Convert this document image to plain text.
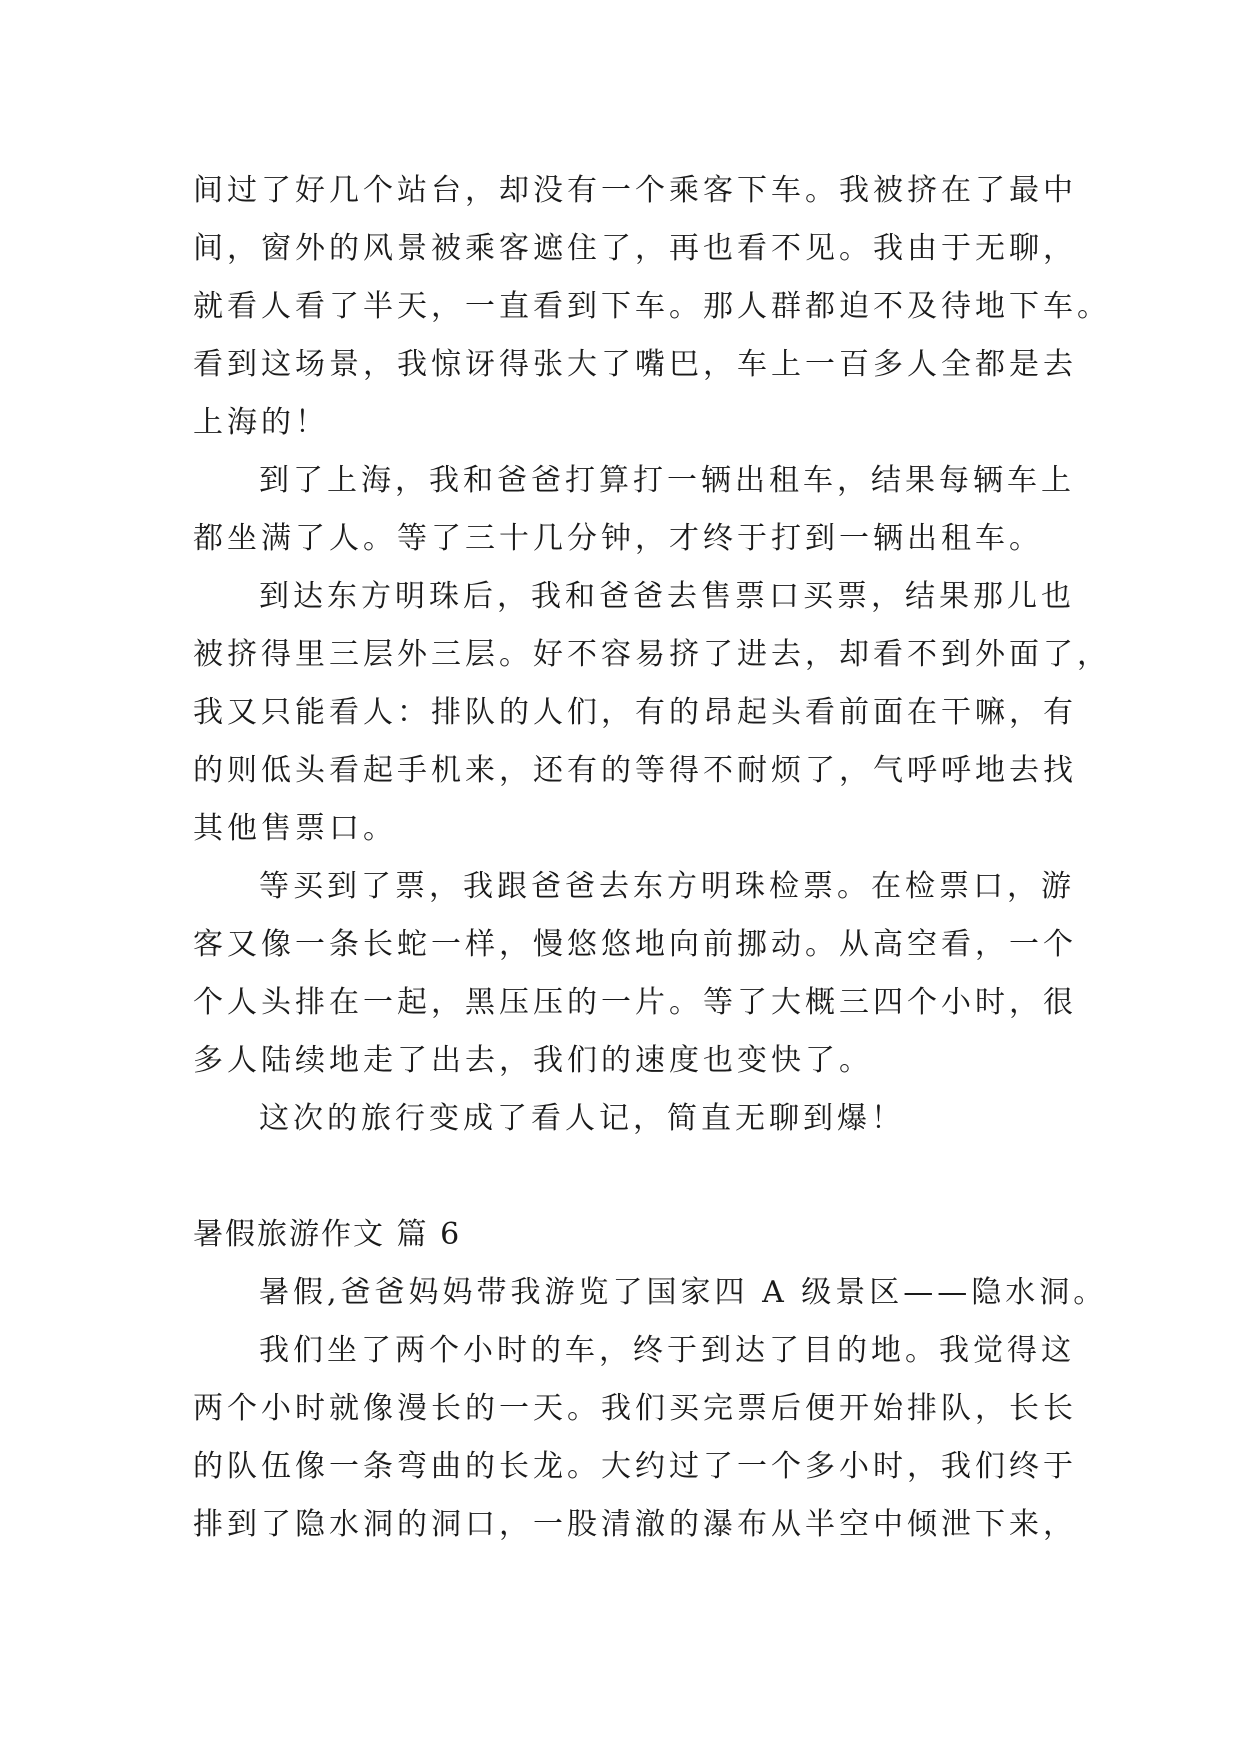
间过了好几个站台，却没有一个乘客下车。我被挤在了最中
间，窗外的风景被乘客遮住了，再也看不见。我由于无聊，
就看人看了半天，一直看到下车。那人群都迫不及待地下车。
看到这场景，我惊讶得张大了嘴巴，车上一百多人全都是去
上海的！
到了上海，我和爸爸打算打一辆出租车，结果每辆车上
都坐满了人。等了三十几分钟，才终于打到一辆出租车。
到达东方明珠后，我和爸爸去售票口买票，结果那儿也
被挤得里三层外三层。好不容易挤了进去，却看不到外面了，
我又只能看人：排队的人们，有的昂起头看前面在干嘛，有
的则低头看起手机来，还有的等得不耐烦了，气呼呼地去找
其他售票口。
等买到了票，我跟爸爸去东方明珠检票。在检票口，游
客又像一条长蛇一样，慢悠悠地向前挪动。从高空看，一个
个人头排在一起，黑压压的一片。等了大概三四个小时，很
多人陆续地走了出去，我们的速度也变快了。
这次的旅行变成了看人记，简直无聊到爆！
暑假旅游作文 篇 6
暑假,爸爸妈妈带我游览了国家四 A 级景区——隐水洞。
我们坐了两个小时的车，终于到达了目的地。我觉得这
两个小时就像漫长的一天。我们买完票后便开始排队，长长
的队伍像一条弯曲的长龙。大约过了一个多小时，我们终于
排到了隐水洞的洞口，一股清澈的瀑布从半空中倾泄下来，
